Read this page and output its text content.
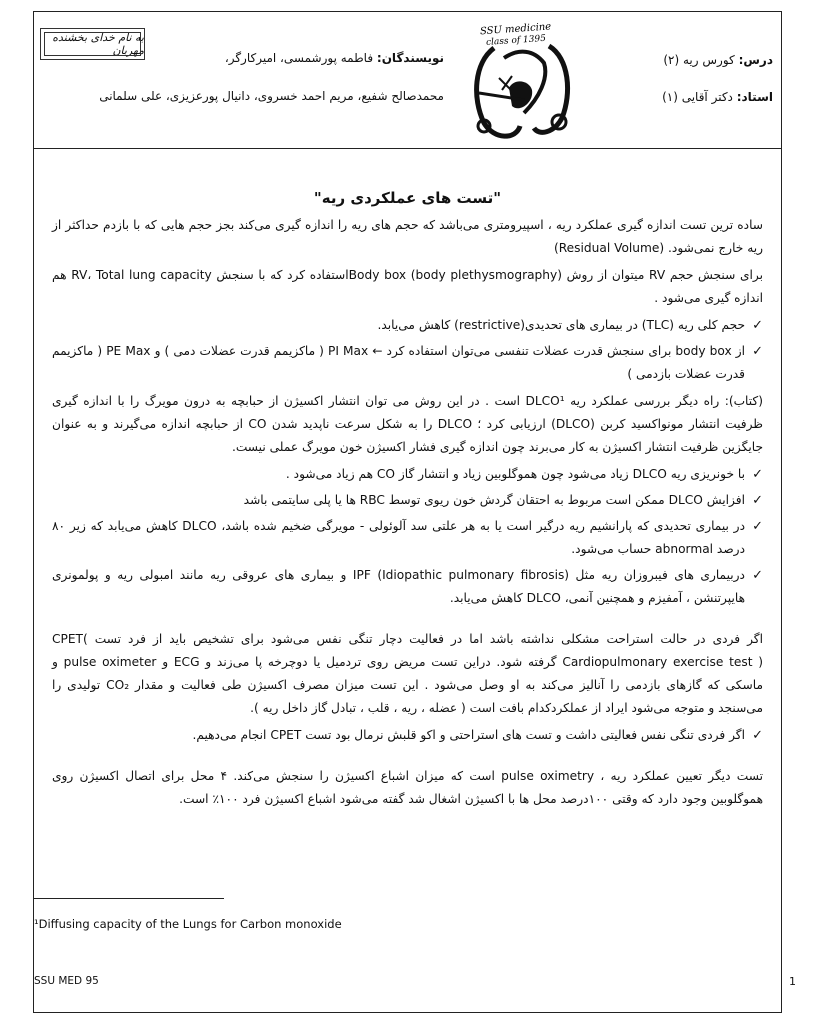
به نام خدای بخشنده مهربان
نویسندگان: فاطمه پورشمسی، امیرکارگر،
محمدصالح شفیع، مریم احمد خسروی، دانیال پورعزیزی، علی سلمانی
SSU medicine
class of 1395
درس: کورس ریه (۲)
استاد: دکتر آقایی (۱)
"تست های عملکردی ریه"

ساده ترین تست اندازه گیری عملکرد ریه ، اسپیرومتری می‌باشد که حجم های ریه را اندازه گیری می‌کند بجز حجم هایی که با بازدم حداکثر از ریه خارج نمی‌شود. (Residual Volume)

برای سنجش حجم RV میتوان از روش Body box (body plethysmography)استفاده کرد که با سنجش RV، Total lung capacity هم اندازه گیری می‌شود .

✓
حجم کلی ریه (TLC) در بیماری های تحدیدی(restrictive) کاهش می‌یابد.
✓
از body box برای سنجش قدرت عضلات تنفسی می‌توان استفاده کرد ← PI Max ( ماکزیمم قدرت عضلات دمی ) و PE Max ( ماکزیمم قدرت عضلات بازدمی )

(کتاب): راه دیگر بررسی عملکرد ریه DLCO¹ است . در این روش می توان انتشار اکسیژن از حبابچه به درون مویرگ را با اندازه گیری ظرفیت انتشار مونواکسید کربن (DLCO) ارزیابی کرد ؛ DLCO را به شکل سرعت ناپدید شدن CO از حبابچه اندازه می‌گیرند و به عنوان جایگزین ظرفیت انتشار اکسیژن به کار می‌برند چون اندازه گیری فشار اکسیژن خون مویرگ عملی نیست.

✓
با خونریزی ریه DLCO زیاد می‌شود چون هموگلوبین زیاد و انتشار گاز CO هم زیاد می‌شود .
✓
افزایش DLCO ممکن است مربوط به احتقان گردش خون ریوی توسط RBC ها یا پلی سایتمی باشد
✓
در بیماری تحدیدی که پارانشیم ریه درگیر است یا به هر علتی سد آلوئولی - مویرگی ضخیم شده باشد، DLCO کاهش می‌یابد که زیر ۸۰ درصد abnormal حساب می‌شود.
✓
دربیماری های فیبروزان ریه مثل IPF (Idiopathic pulmonary fibrosis) و بیماری های عروقی ریه مانند امبولی ریه و پولمونری هایپرتنشن ، آمفیزم و همچنین آنمی، DLCO کاهش می‌یابد.

اگر فردی در حالت استراحت مشکلی نداشته باشد اما در فعالیت دچار تنگی نفس می‌شود برای تشخیص باید از فرد تست CPET( Cardiopulmonary exercise test ) گرفته شود. دراین تست مریض روی تردمیل یا دوچرخه پا می‌زند و ECG و pulse oximeter و ماسکی که گازهای بازدمی را آنالیز می‌کند به او وصل می‌شود . این تست میزان مصرف اکسیژن طی فعالیت و مقدار CO₂ تولیدی را می‌سنجد و متوجه می‌شود ایراد از عملکردکدام بافت است ( عضله ، ریه ، قلب ، تبادل گاز داخل ریه ).

✓
اگر فردی تنگی نفس فعالیتی داشت و تست های استراحتی و اکو قلبش نرمال بود تست CPET انجام می‌دهیم.

تست دیگر تعیین عملکرد ریه ، pulse oximetry است که میزان اشباع اکسیژن را سنجش می‌کند. ۴ محل برای اتصال اکسیژن روی هموگلوبین وجود دارد که وقتی ۱۰۰درصد محل ها با اکسیژن اشغال شد گفته می‌شود اشباع اکسیژن فرد ۱۰۰٪ است.

¹Diffusing capacity of the Lungs for Carbon monoxide
SSU MED 95	1
